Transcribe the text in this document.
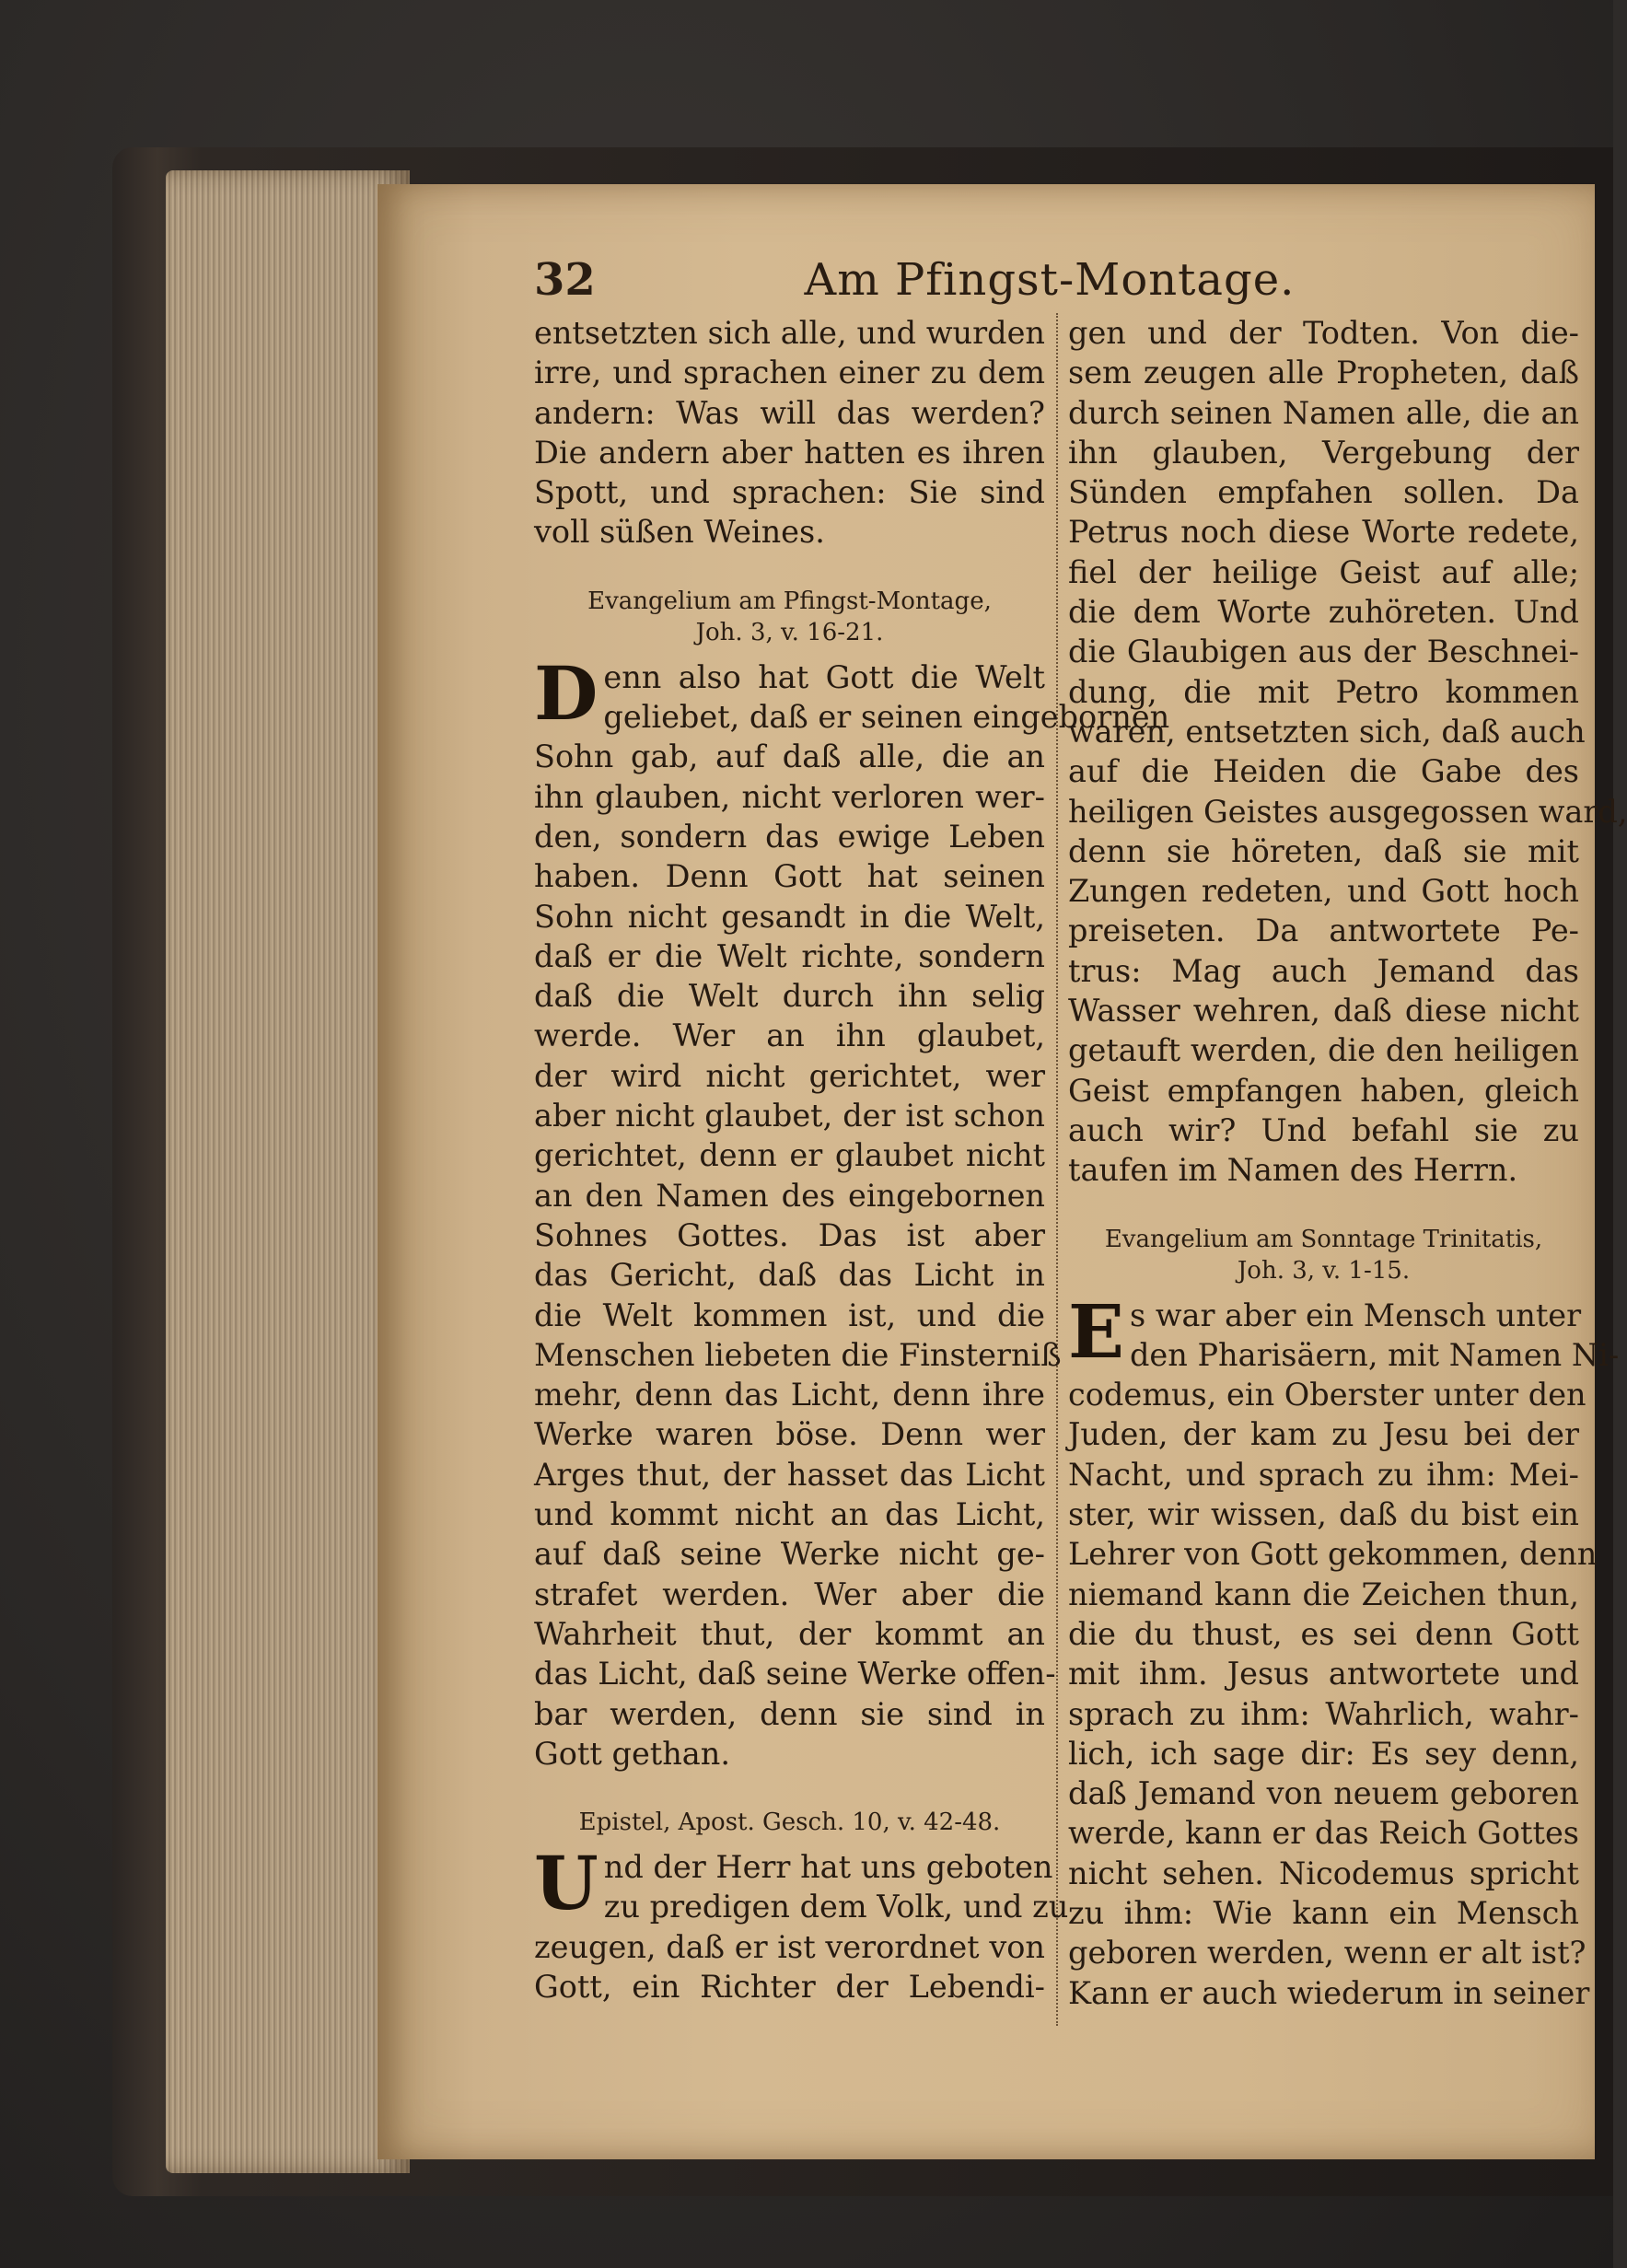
32	Am Pfingst-Montage.
entsetzten sich alle, und wurden
irre, und sprachen einer zu dem
andern: Was will das werden?
Die andern aber hatten es ihren
Spott, und sprachen: Sie sind
voll süßen Weines.
Evangelium am Pfingst-Montage,
Joh. 3, v. 16-21.
D enn also hat Gott die Welt
geliebet, daß er seinen eingebornen
Sohn gab, auf daß alle, die an
ihn glauben, nicht verloren wer-
den, sondern das ewige Leben
haben. Denn Gott hat seinen
Sohn nicht gesandt in die Welt,
daß er die Welt richte, sondern
daß die Welt durch ihn selig
werde. Wer an ihn glaubet,
der wird nicht gerichtet, wer
aber nicht glaubet, der ist schon
gerichtet, denn er glaubet nicht
an den Namen des eingebornen
Sohnes Gottes. Das ist aber
das Gericht, daß das Licht in
die Welt kommen ist, und die
Menschen liebeten die Finsterniß
mehr, denn das Licht, denn ihre
Werke waren böse. Denn wer
Arges thut, der hasset das Licht
und kommt nicht an das Licht,
auf daß seine Werke nicht ge-
strafet werden. Wer aber die
Wahrheit thut, der kommt an
das Licht, daß seine Werke offen-
bar werden, denn sie sind in
Gott gethan.
Epistel, Apost. Gesch. 10, v. 42-48.
U nd der Herr hat uns geboten
zu predigen dem Volk, und zu
zeugen, daß er ist verordnet von
Gott, ein Richter der Lebendi-
gen und der Todten. Von die-
sem zeugen alle Propheten, daß
durch seinen Namen alle, die an
ihn glauben, Vergebung der
Sünden empfahen sollen. Da
Petrus noch diese Worte redete,
fiel der heilige Geist auf alle;
die dem Worte zuhöreten. Und
die Glaubigen aus der Beschnei-
dung, die mit Petro kommen
waren, entsetzten sich, daß auch
auf die Heiden die Gabe des
heiligen Geistes ausgegossen ward,
denn sie höreten, daß sie mit
Zungen redeten, und Gott hoch
preiseten. Da antwortete Pe-
trus: Mag auch Jemand das
Wasser wehren, daß diese nicht
getauft werden, die den heiligen
Geist empfangen haben, gleich
auch wir? Und befahl sie zu
taufen im Namen des Herrn.
Evangelium am Sonntage Trinitatis,
Joh. 3, v. 1-15.
E s war aber ein Mensch unter
den Pharisäern, mit Namen Ni-
codemus, ein Oberster unter den
Juden, der kam zu Jesu bei der
Nacht, und sprach zu ihm: Mei-
ster, wir wissen, daß du bist ein
Lehrer von Gott gekommen, denn
niemand kann die Zeichen thun,
die du thust, es sei denn Gott
mit ihm. Jesus antwortete und
sprach zu ihm: Wahrlich, wahr-
lich, ich sage dir: Es sey denn,
daß Jemand von neuem geboren
werde, kann er das Reich Gottes
nicht sehen. Nicodemus spricht
zu ihm: Wie kann ein Mensch
geboren werden, wenn er alt ist?
Kann er auch wiederum in seiner
